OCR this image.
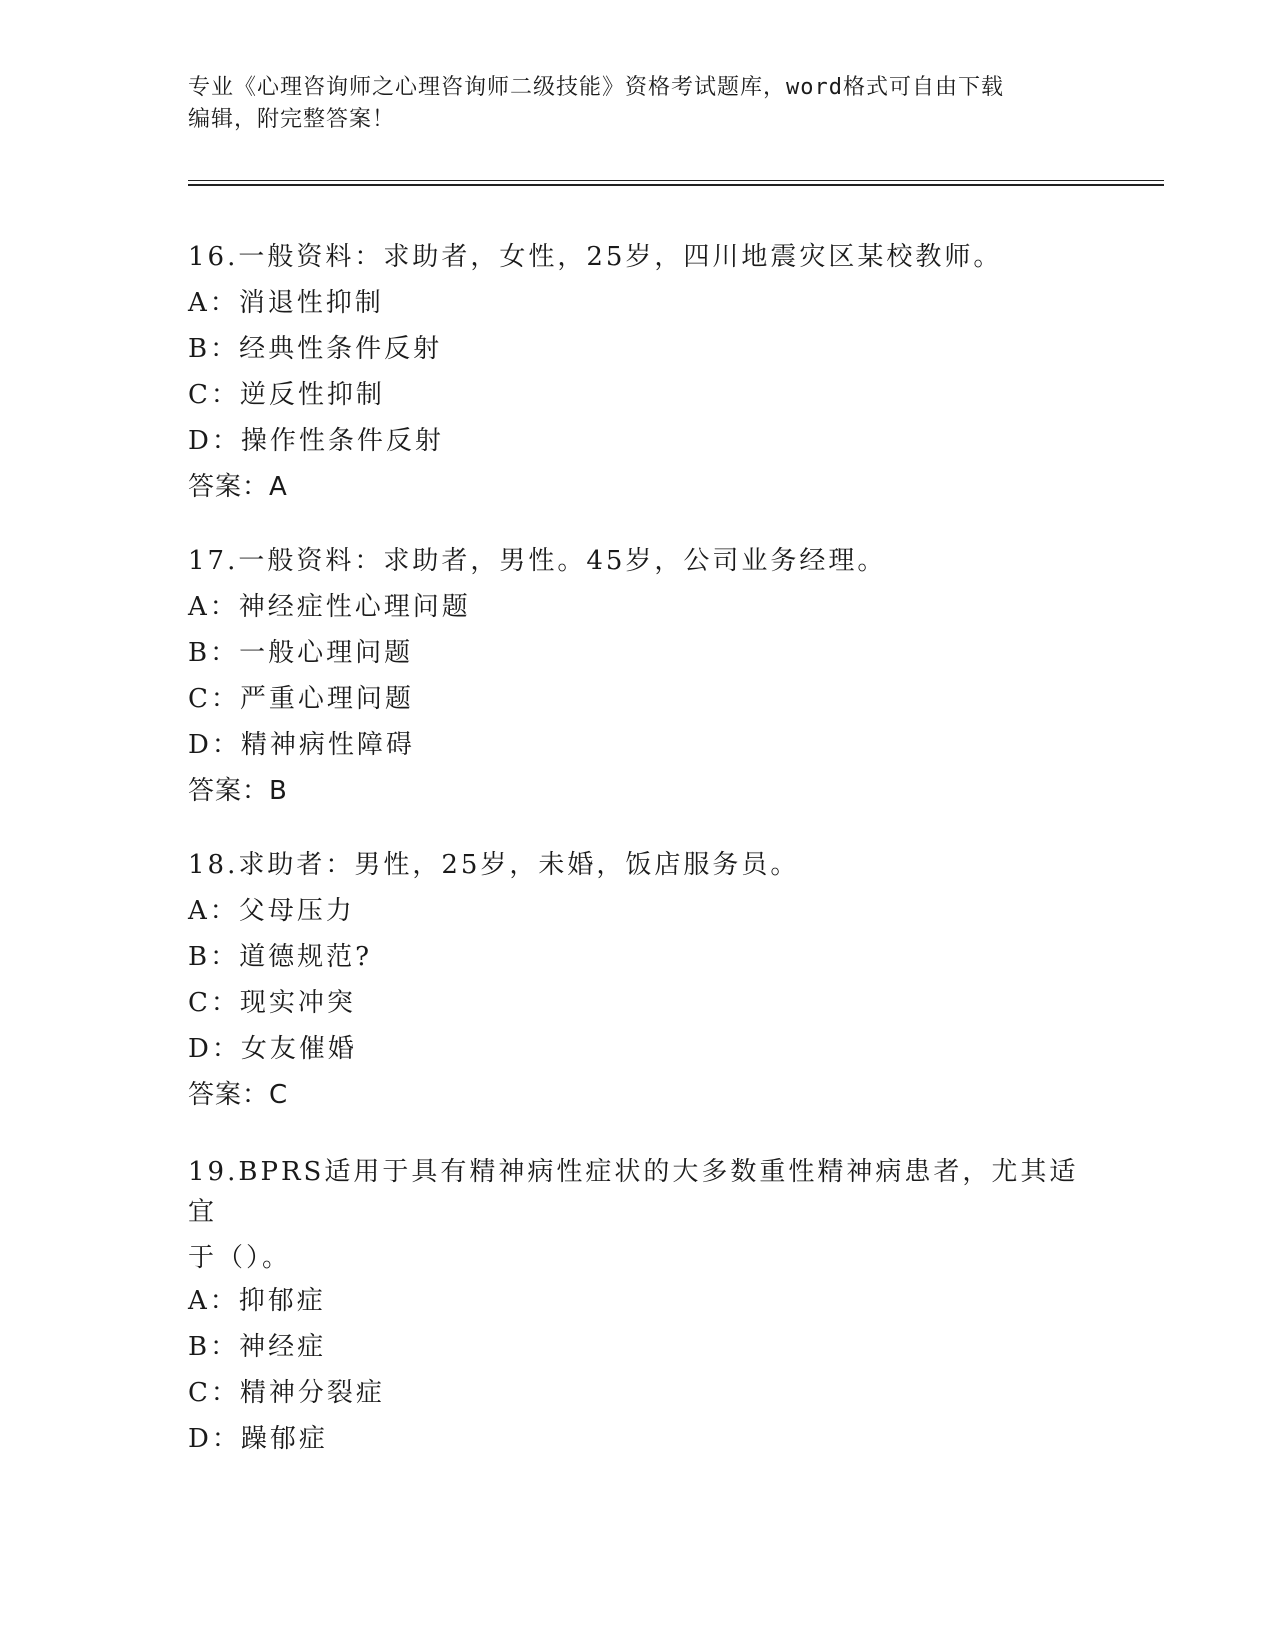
专业《心理咨询师之心理咨询师二级技能》资格考试题库，word格式可自由下载
编辑，附完整答案！
16.一般资料：求助者，女性，25岁，四川地震灾区某校教师。
A：消退性抑制
B：经典性条件反射
C：逆反性抑制
D：操作性条件反射
答案：A
17.一般资料：求助者，男性。45岁，公司业务经理。
A：神经症性心理问题
B：一般心理问题
C：严重心理问题
D：精神病性障碍
答案：B
18.求助者：男性，25岁，未婚，饭店服务员。
A：父母压力
B：道德规范?
C：现实冲突
D：女友催婚
答案：C
19.BPRS适用于具有精神病性症状的大多数重性精神病患者，尤其适宜
于（）。
A：抑郁症
B：神经症
C：精神分裂症
D：躁郁症
